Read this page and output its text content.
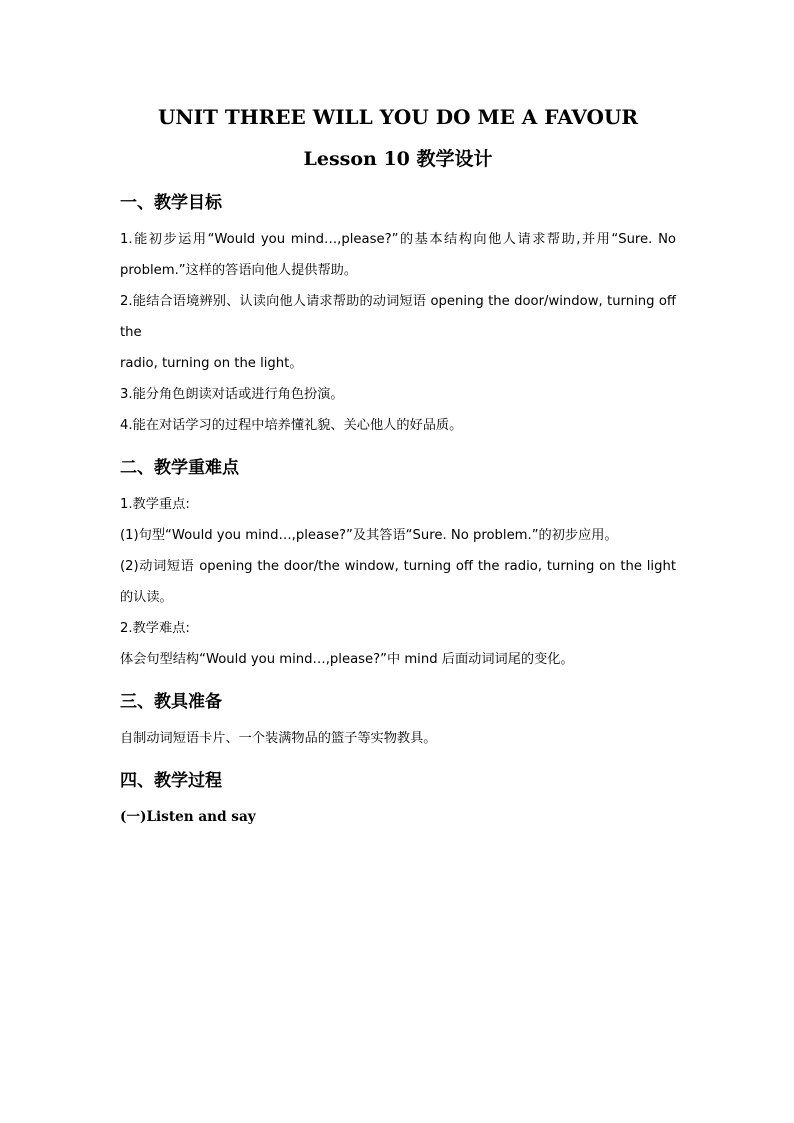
UNIT THREE WILL YOU DO ME A FAVOUR
Lesson 10 教学设计
一、教学目标

1.能初步运用“Would you mind…,please?”的基本结构向他人请求帮助,并用“Sure. No problem.”这样的答语向他人提供帮助。

2.能结合语境辨别、认读向他人请求帮助的动词短语 opening the door/window, turning off the

radio, turning on the light。

3.能分角色朗读对话或进行角色扮演。

4.能在对话学习的过程中培养懂礼貌、关心他人的好品质。

二、教学重难点

1.教学重点:

(1)句型“Would you mind…,please?”及其答语“Sure. No problem.”的初步应用。

(2)动词短语 opening the door/the window, turning off the radio, turning on the light 的认读。

2.教学难点:

体会句型结构“Would you mind…,please?”中 mind 后面动词词尾的变化。

三、教具准备

自制动词短语卡片、一个装满物品的篮子等实物教具。

四、教学过程

(一)Listen and say
